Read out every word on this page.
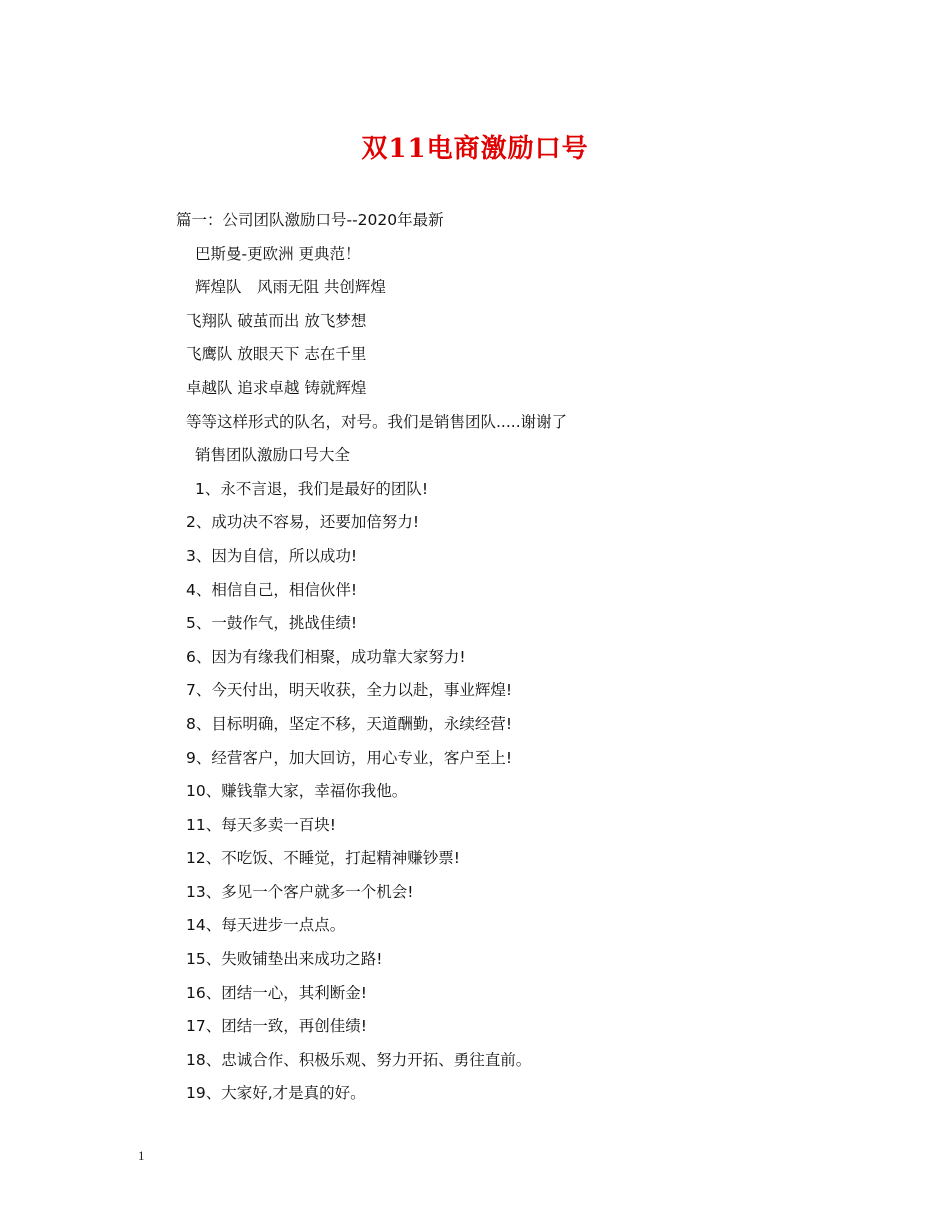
双11电商激励口号
篇一：公司团队激励口号--2020年最新
巴斯曼-更欧洲 更典范！
辉煌队　风雨无阻 共创辉煌
飞翔队 破茧而出 放飞梦想
飞鹰队 放眼天下 志在千里
卓越队 追求卓越 铸就辉煌
等等这样形式的队名，对号。我们是销售团队.....谢谢了
销售团队激励口号大全
1、永不言退，我们是最好的团队!
2、成功决不容易，还要加倍努力!
3、因为自信，所以成功!
4、相信自己，相信伙伴!
5、一鼓作气，挑战佳绩!
6、因为有缘我们相聚，成功靠大家努力!
7、今天付出，明天收获，全力以赴，事业辉煌!
8、目标明确，坚定不移，天道酬勤，永续经营!
9、经营客户，加大回访，用心专业，客户至上!
10、赚钱靠大家，幸福你我他。
11、每天多卖一百块!
12、不吃饭、不睡觉，打起精神赚钞票!
13、多见一个客户就多一个机会!
14、每天进步一点点。
15、失败铺垫出来成功之路!
16、团结一心，其利断金!
17、团结一致，再创佳绩!
18、忠诚合作、积极乐观、努力开拓、勇往直前。
19、大家好,才是真的好。
1
